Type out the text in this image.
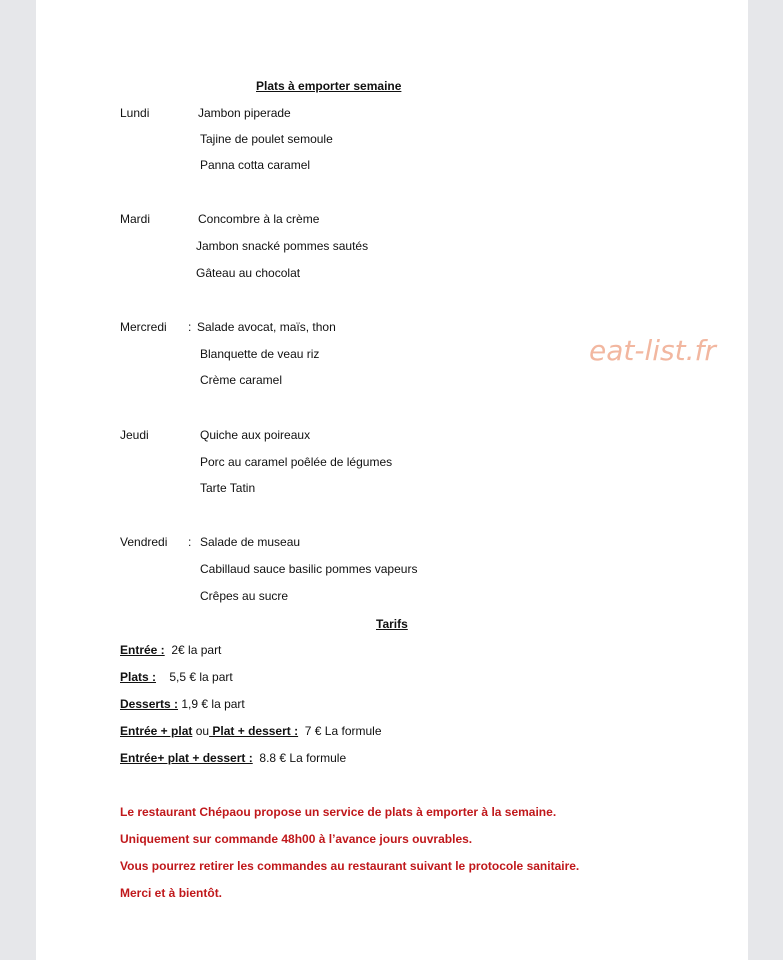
Plats à emporter semaine
eat-list.fr
Lundi	Jambon piperade
Tajine de poulet semoule
Panna cotta caramel
Mardi	Concombre à la crème
Jambon snacké pommes sautés
Gâteau au chocolat
Mercredi : Salade avocat, maïs, thon
Blanquette de veau riz
Crème caramel
Jeudi	Quiche aux poireaux
Porc au caramel poêlée de légumes
Tarte Tatin
Vendredi : Salade de museau
Cabillaud sauce basilic pommes vapeurs
Crêpes au sucre
Tarifs
Entrée : 2€ la part
Plats : 5,5 € la part
Desserts : 1,9 € la part
Entrée + plat ou Plat + dessert : 7 € La formule
Entrée+ plat + dessert : 8.8 € La formule
Le restaurant Chépaou propose un service de plats à emporter à la semaine.
Uniquement sur commande 48h00 à l’avance jours ouvrables.
Vous pourrez retirer les commandes au restaurant suivant le protocole sanitaire.
Merci et à bientôt.
